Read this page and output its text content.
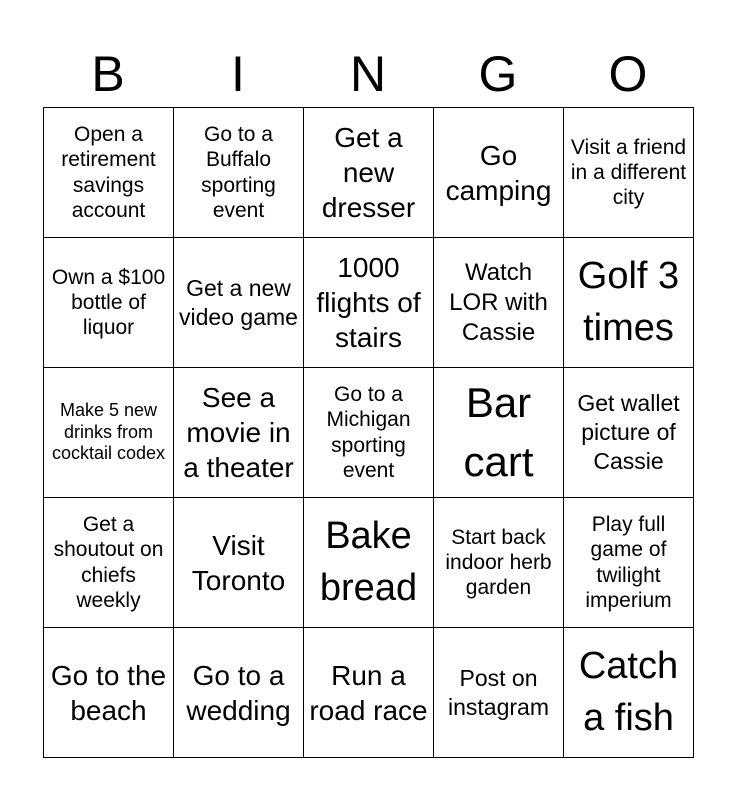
B	I	N	G	O
Open a retirement savings account	Go to a Buffalo sporting event	Get a new dresser	Go camping	Visit a friend in a different city
Own a $100 bottle of liquor	Get a new video game	1000 flights of stairs	Watch LOR with Cassie	Golf 3 times
Make 5 new drinks from cocktail codex	See a movie in a theater	Go to a Michigan sporting event	Bar cart	Get wallet picture of Cassie
Get a shoutout on chiefs weekly	Visit Toronto	Bake bread	Start back indoor herb garden	Play full game of twilight imperium
Go to the beach	Go to a wedding	Run a road race	Post on instagram	Catch a fish
